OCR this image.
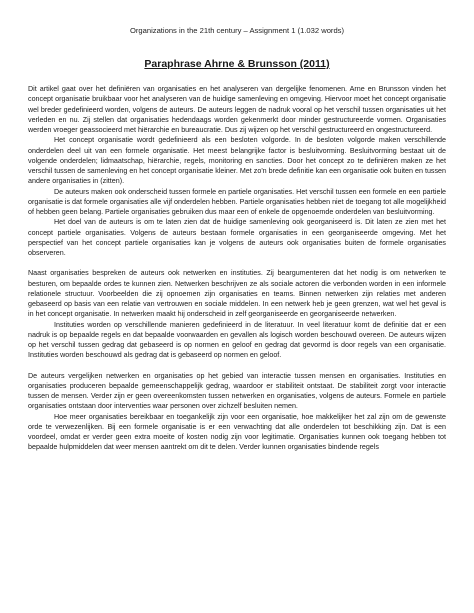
Organizations in the 21th century – Assignment 1 (1.032 words)
Paraphrase Ahrne & Brunsson (2011)

Dit artikel gaat over het definiëren van organisaties en het analyseren van dergelijke fenomenen. Arne en Brunsson vinden het concept organisatie bruikbaar voor het analyseren van de huidige samenleving en omgeving. Hiervoor moet het concept organisatie wel breder gedefinieerd worden, volgens de auteurs. De auteurs leggen de nadruk vooral op het verschil tussen organisaties uit het verleden en nu. Zij stellen dat organisaties hedendaags worden gekenmerkt door minder gestructureerde vormen. Organisaties werden vroeger geassocieerd met hiërarchie en bureaucratie. Dus zij wijzen op het verschil gestructureerd en ongestructureerd.

Het concept organisatie wordt gedefinieerd als een besloten volgorde. In de besloten volgorde maken verschillende onderdelen deel uit van een formele organisatie. Het meest belangrijke factor is besluitvorming. Besluitvorming bestaat uit de volgende onderdelen; lidmaatschap, hiërarchie, regels, monitoring en sancties. Door het concept zo te definiëren maken ze het verschil tussen de samenleving en het concept organisatie kleiner. Met zo'n brede definitie kan een organisatie ook buiten en tussen andere organisaties in (zitten).

De auteurs maken ook onderscheid tussen formele en partiele organisaties. Het verschil tussen een formele en een partiele organisatie is dat formele organisaties alle vijf onderdelen hebben. Partiele organisaties hebben niet de toegang tot alle mogelijkheid of hebben geen belang. Partiele organisaties gebruiken dus maar een of enkele de opgenoemde onderdelen van besluitvorming.

Het doel van de auteurs is om te laten zien dat de huidige samenleving ook georganiseerd is. Dit laten ze zien met het concept partiele organisaties. Volgens de auteurs bestaan formele organisaties in een georganiseerde omgeving. Met het perspectief van het concept partiele organisaties kan je volgens de auteurs ook organisaties buiten de formele organisaties observeren.

Naast organisaties bespreken de auteurs ook netwerken en instituties. Zij beargumenteren dat het nodig is om netwerken te besturen, om bepaalde ordes te kunnen zien. Netwerken beschrijven ze als sociale actoren die verbonden worden in een informele relationele structuur. Voorbeelden die zij opnoemen zijn organisaties en teams. Binnen netwerken zijn relaties met anderen gebaseerd op basis van een relatie van vertrouwen en sociale middelen. In een netwerk heb je geen grenzen, wat wel het geval is in het concept organisatie. In netwerken maakt hij onderscheid in zelf georganiseerde en georganiseerde netwerken.

Instituties worden op verschillende manieren gedefinieerd in de literatuur. In veel literatuur komt de definitie dat er een nadruk is op bepaalde regels en dat bepaalde voorwaarden en gevallen als logisch worden beschouwd overeen. De auteurs wijzen op het verschil tussen gedrag dat gebaseerd is op normen en geloof en gedrag dat gevormd is door regels van een organisatie. Instituties worden beschouwd als gedrag dat is gebaseerd op normen en geloof.

De auteurs vergelijken netwerken en organisaties op het gebied van interactie tussen mensen en organisaties. Instituties en organisaties produceren bepaalde gemeenschappelijk gedrag, waardoor er stabiliteit ontstaat. De stabiliteit zorgt voor interactie tussen de mensen. Verder zijn er geen overeenkomsten tussen netwerken en organisaties, volgens de auteurs. Formele en partiele organisaties ontstaan door interventies waar personen over zichzelf besluiten nemen.

Hoe meer organisaties bereikbaar en toegankelijk zijn voor een organisatie, hoe makkelijker het zal zijn om de gewenste orde te verwezenlijken. Bij een formele organisatie is er een verwachting dat alle onderdelen tot beschikking zijn. Dat is een voordeel, omdat er verder geen extra moeite of kosten nodig zijn voor legitimatie. Organisaties kunnen ook toegang hebben tot bepaalde hulpmiddelen dat weer mensen aantrekt om dit te delen. Verder kunnen organisaties bindende regels
